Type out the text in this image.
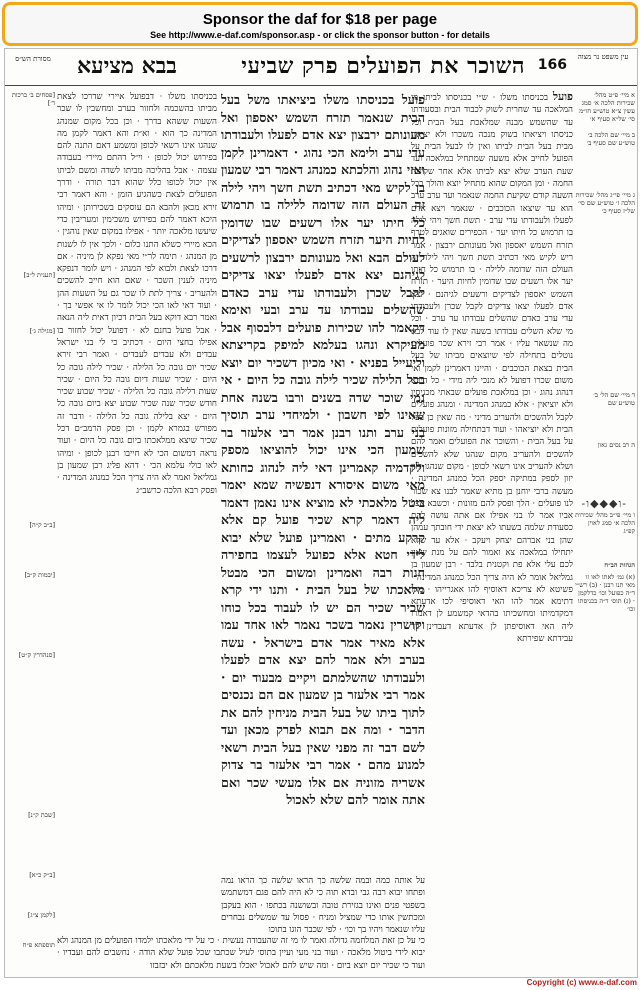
Sponsor the daf for $18 per page
See http://www.e-daf.com/sponsor.asp - or click the sponsor button - for details
עין משפט נר מצוה
166
השוכר את הפועלים פרק שביעי
בבא מציעא
מסורת הש״ס
א מיי׳ פ״ט מהל׳ שכירות הלכה א׳ סמג עשין צ״א טוש״ע חו״מ סי׳ של״א סעיף א׳
ב מיי׳ שם הלכה ב׳ טוש״ע שם סעיף ב׳
ג מיי׳ פי״ג מהל׳ שכירות הלכה ז׳ טוש״ע שם סי׳ של״ז סעיף כ׳
ד מיי׳ שם הל׳ ב׳ טוש״ע שם
ה רב נסים גאון
ו מיי׳ פי״ב מהל׳ שכירות הלכה א׳ סמג לאוין קפ״ג
הגהות הב״ח
(א) גמ׳ לאתו לאו זו מאי תנו רבנן · (ב) רש״י ד״ה כפועל וכו׳ כדלקמן · (ג) תוס׳ ד״ה בכניסתו וכו׳
-ו◆◆◆ו-
[פסחים ב׳ ברכות ד׳]
[תענית ל״ב]
[מגילה ג׳]
[ב״ב ק״ה]
[יבמות ק״ב]
[סנהדרין ק״ט]
[שבת ק״נ]
[ב״ק כ״א]
[לקמן צ״ג]
תוספתא פ״ח
פועל בכניסתו משלו · ש״י בכניסתו לביתו מן המלאכה עד שחרית לשוק לכבוד הבית ובסעודתו עד שהשמש מבנה שמלאכת בעל הבית וכל כניסתו ויציאתו בשוק מנכה משכרו ולא יציאה מבית בעל הבית לביתו ואין לו לבעל הבית על הפועל לחייב אלא משעה שמתחיל במלאכה ועד שעת הערב שלא יצא לביתו אלא אחר שקיעת החמה · ומן המקום שהוא מתחיל יוצא והולך בכל השעה קודם שקיעת החמה שנאמר ועד ערב ערב הוא עד שיצאו הכוכבים · שנאמר ויצא אדם לפעלו ולעבודתו עדי ערב · תשת חשך ויהי לילה בו תרמוש כל חיתו יער · הכפירים שואגים לטרף תזרח השמש יאספון ואל מעונותם ירבצון · אמר ריש לקיש מאי דכתיב תשת חשך ויהי לילה זה העולם הזה שדומה ללילה · בו תרמוש כל חיתו יער אלו רשעים שבו שדומין לחיות היער · תזרח השמש יאספון לצדיקים ורשעים לגיהנם · יצא אדם לפעלו יצאו צדיקים לקבל שכרן ולעבודתו עדי ערב כאדם שהשלים עבודתו עד ערב · וכל מי שלא השלים עבודתו בשעה שאין לו עוד לבא מה שנשאר עליו · אמר רבי זירא שכר פועלים נוטלים בתחילה לפי שיוצאים מביתו של בעל הבית בצאת הכוכבים · והיינו דאמרינן לקמן ואי משום שכרו דפועל לא מנכי ליה מידי · כל היכא דנהוג נהוג · וכן במלאכת פועלים שבאתי מכניסין ולא יוציאין · אלא כמנהג המדינה · ומנהג פועלים לקבל ולהשכים ולהעריב מדיני · מה שאין כן בעל הבית ולא יוציאהו · ועוד דבתחילה מזונות פועלים על בעל הבית · והשוכר את הפועלים ואמר להם להשכים ולהעריב מקום שנהגו שלא להשכים ושלא להעריב אינו רשאי לכופן · מקום שנהגו לזון יזון לספק במתיקה יספק הכל כמנהג המדינה · מעשה ברבי יוחנן בן מתיא שאמר לבנו צא שכור לנו פועלים · הלך ופסק להם מזונות · וכשבא אצל אביו אמר לו בני אפילו אם אתה עושה להם כסעודת שלמה בשעתו לא יצאת ידי חובתך עמהן שהן בני אברהם יצחק ויעקב · אלא עד שלא יתחילו במלאכה צא ואמור להם על מנת שאין לכם עלי אלא פת וקטנית בלבד · רבן שמעון בן גמליאל אומר לא היה צריך הכל כמנהג המדינה · פשיטא לא צריכא דאוסיף להו אאגרייהו · מהו דתימא אמר להו האי דאוסיפי לכו אדעתא דמקדמיתו ומחשכיתו בהדאי קמשמע לן דאמרו ליה האי דאוסיפתן לן אדעתא דעבדינן לך עבידתא שפירתא
פועל בכניסתו משלו ביציאתו משל בעל הבית שנאמר תזרח השמש יאספון ואל מעונותם ירבצון יצא אדם לפעלו ולעבודתו עדי ערב ולימא הכי נהוג · דאמרינן לקמן ואזי נהוג והלכתא כמנהג דאמר רבי שמעון בן לקיש מאי דכתיב תשת חשך ויהי לילה זה העולם הזה שדומה ללילה בו תרמוש כל חיתו יער אלו רשעים שבו שדומין לחיות היער תזרח השמש יאספון לצדיקים לעולם הבא ואל מעונותם ירבצון לרשעים לגיהנם יצא אדם לפעלו יצאו צדיקים לקבל שכרן ולעבודתו עדי ערב כאדם שהשלים עבודתו עד ערב ובעי ואימא דקאמר להו שכירות פועלים דלבסוף אבל מעיקרא ונהגו בעלמא למיפק בקריצתא וליעייל בפניא · ואי מכיון דשכיר יום יוצא בכל הלילה שכיר לילה גובה כל היום · אי נמי שוכר שדה בשנים ורבו בשנה אחת שאינו לפי חשבון · ולמיחדי ערב תוסיך בני ערב ותנו רבנן אמר רבי אלעזר בר שמעון הכי אינו יכול להוציאו מספק ולקדמיה קאמרינן דאי ליה לנהוג כחותא מאי משום איסורא דנפשיה שמא יאמר ביטל מלאכתי לא מוציא אינו נאמן דאמר ליה דאמר קרא שכיר פועל קם אלא קרקע מתים · ואמרינן פועל שלא יבוא לידי חטא אלא כפועל לעצמו בחפירה חנות רבה ואמרינן ומשום הכי מבטל מלאכתו של בעל הבית · ותנו ידי קרא שכיר שכיר הם יש לו לעבוד בכל כוחו וקושרין נאמר בשכר נאמר לאו אחד עמו אלא מאיר אמר אדם בישראל · עשה בערב ולא אמר להם יצא אדם לפעלו ולעבודתו שהשלמתם ויקיים מבעוד יום · אמר רבי אלעזר בן שמעון אם הם נכנסים לתוך ביתו של בעל הבית מניחין להם את הדבר · ומה אם תבוא לפרק מכאן ועד לשם דבר זה מפני שאין בעל הבית רשאי למנוע מהם · אמר רבי אלעזר בר צדוק אשריה מזוניה אם אלו מעשי שכר ואם אתה אומר להם שלא לאכול
בכניסתו משלו · דבפועל איירי שדרכו לצאת מביתו בהשכמה ולחזור בערב ומחשבין לו שכר השעות ששהא בדרך · וכן בכל מקום שמנהג המדינה כך הוא · וא״ת והא דאמר לקמן מה שנהגו אינו רשאי לכופן ומשמע דאם התנה להם בפירוש יכול לכופן · וי״ל דהתם מיירי בעבודה עצמה · אבל בהליכה מביתו לשדה ומשם לביתו אין יכול לכופו כלל שהוא דבר תורה · ודרך הפועלים לצאת כשהגיע הזמן · והא דאמר רבי זירא מכאן ולהבא הם עוסקים בשכירותן · ומיהו היכא דאמר להם בפירוש משכימין ומעריבין כדי שיעשו מלאכה יותר · אפילו במקום שאין נוהגין · הכא מיירי כשלא התנו כלום · ולכך אין לו לשנות מן המנהג · תימה לר״י מאי נפקא לן מיניה · אם דרכו לצאת ולבוא לפי המנהג · ויש לומר דנפקא מיניה לענין השכר · שאם הוא חייב להשכים ולהעריב · צריך לתת לו שכר גם על השעות ההן · ועוד דאי לאו הכי יכול לומר לו אי אפשי בך · ואמר רבא דוקא בעל הבית דכיון דאית ליה הנאה · אבל פועל בחנם לא · דפועל יכול לחזור בו אפילו בחצי היום · דכתיב כי לי בני ישראל עבדים ולא עבדים לעבדים · ואמר רבי זירא שכיר יום גובה כל הלילה · שכיר לילה גובה כל היום · שכיר שעות דיום גובה כל היום · שכיר שעות דלילה גובה כל הלילה · שכיר שבוע שכיר חודש שכיר שנה שכיר שבוע יצא ביום גובה כל היום · יצא בלילה גובה כל הלילה · ודבר זה מפורש בגמרא לקמן · וכן פסק הרמב״ם דכל שכיר שיצא ממלאכתו ביום גובה כל היום · ועוד נראה דמשום הכי לא חייבו רבנן לכופן · ומיהו לאו כולי עלמא הכי · דהא פליג רבן שמעון בן גמליאל ואמר לא היה צריך הכל כמנהג המדינה · ופסק רבא הלכה כרשב״ג
על אותה כמה ובמה שלשה כך הראו שלשה כך הראו נמה ופתחו יבוא רבה גבי ובדא תוה כי לא היה להם פגם דמשתמש בשפטי פנים ואינו בגזירת טובה ובשושנה בכתפו · הוא בעקבן ומכתשין אותו כדי שמציל ומניח · פסול עד שמשלים נבחרים עליו שנאמר ויהיו בך וכו׳ · לפי שכבר הוגו בתוכו
כי על כן זאת המלחמה גדולה ואמר לו מי זה שהעבודה נעשית · כי על ידי מלאכתו ילמדו הפועלים מן המנהג ולא יבוא לידי ביטול מלאכה · ועוד בני מעי ועיין בתוס׳ לעיל שכתבו שכל פועל שלא הודה · נחשבים להם ועבדיו · ועוד כי שכיר יום יוצא ביום · ומה שיש להם לאכול יאכלו בשעת מלאכתם ולא יבזבזו
Copyright (c) www.e-daf.com
